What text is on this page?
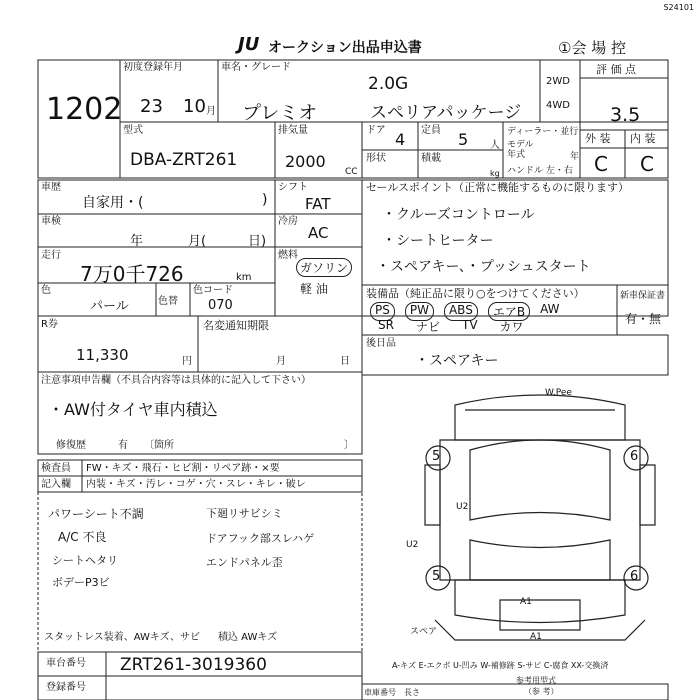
S24101
JU オークション出品申込書	①会 場 控
1202
初度登録年月
23 10 月
車名・グレード
2.0G
プレミオ	スペリアパッケージ
2WD
4WD
評 価 点
3.5
外 装 内 装
C C
型式
DBA-ZRT261
排気量
2000
CC
ドア 4 定員 5 人
形状	積載
kg
ディーラー・並行
モデル
年式	年
ハンドル 左・右
車歴
自家用・(	)
シフト
FAT
冷房
AC
車検
年	月(	日)
走行
7万0千726	km
燃料
ガソリン
軽 油
色
パール	色替
色コード
070
セールスポイント（正常に機能するものに限ります）
・クルーズコントロール
・シートヒーター
・スペアキー、・プッシュスタート
装備品（純正品に限り○をつけてください）
PS	PW	ABS	エアB	AW
SR ナビ TV カワ
新車保証書
有・無
R券
11,330	円
名変通知期限
月	日
後日品
・スペアキー
注意事項申告欄（不具合内容等は具体的に記入して下さい）
・AW付タイヤ車内積込
修復歴	有 〔箇所	〕
検査員 FW・キズ・飛石・ヒビ割・リペア跡・×要
記入欄 内装・キズ・汚レ・コゲ・穴・スレ・キレ・破レ
パワーシート不調
A/C 不良
シートヘタリ
ボデーP3ビ
下廻リサビシミ
ドアフック部スレハゲ
エンドパネル歪
スタットレス装着、AWキズ、サビ 積込 AWキズ
W.Pee
5	6
5	6
U2
U2
A1
A1
スペア
車台番号 ZRT261-3019360
登録番号
A-キズ E-エクボ U-凹み W-補修跡 S-サビ C-腐食 XX-交換済
車庫番号 長さ
参考用型式
（参 考）
